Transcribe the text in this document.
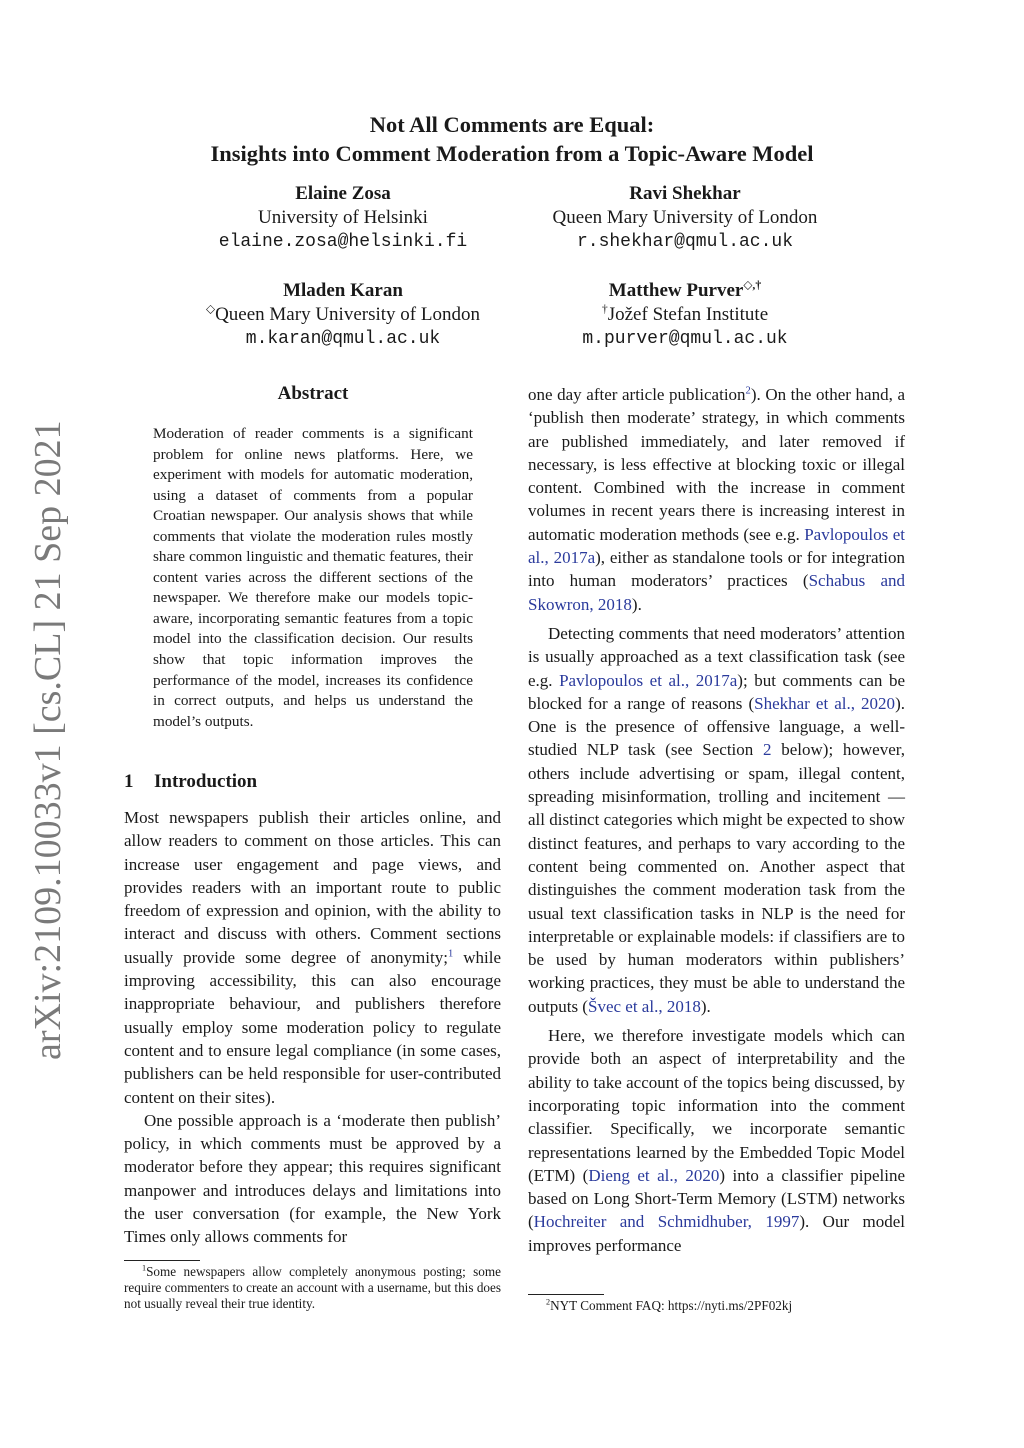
arXiv:2109.10033v1 [cs.CL] 21 Sep 2021
Not All Comments are Equal:
Insights into Comment Moderation from a Topic-Aware Model
Elaine Zosa
University of Helsinki
elaine.zosa@helsinki.fi
Ravi Shekhar
Queen Mary University of London
r.shekhar@qmul.ac.uk
Mladen Karan
◇Queen Mary University of London
m.karan@qmul.ac.uk
Matthew Purver◇,†
†Jožef Stefan Institute
m.purver@qmul.ac.uk
Abstract
Moderation of reader comments is a significant problem for online news platforms. Here, we experiment with models for automatic moderation, using a dataset of comments from a popular Croatian newspaper. Our analysis shows that while comments that violate the moderation rules mostly share common linguistic and thematic features, their content varies across the different sections of the newspaper. We therefore make our models topic-aware, incorporating semantic features from a topic model into the classification decision. Our results show that topic information improves the performance of the model, increases its confidence in correct outputs, and helps us understand the model’s outputs.
1 Introduction

Most newspapers publish their articles online, and allow readers to comment on those articles. This can increase user engagement and page views, and provides readers with an important route to public freedom of expression and opinion, with the ability to interact and discuss with others. Comment sections usually provide some degree of anonymity;$^1$ while improving accessibility, this can also encourage inappropriate behaviour, and publishers therefore usually employ some moderation policy to regulate content and to ensure legal compliance (in some cases, publishers can be held responsible for user-contributed content on their sites).

One possible approach is a ‘moderate then publish’ policy, in which comments must be approved by a moderator before they appear; this requires significant manpower and introduces delays and limitations into the user conversation (for example, the New York Times only allows comments for

$^1$Some newspapers allow completely anonymous posting; some require commenters to create an account with a username, but this does not usually reveal their true identity.

one day after article publication$^2$). On the other hand, a ‘publish then moderate’ strategy, in which comments are published immediately, and later removed if necessary, is less effective at blocking toxic or illegal content. Combined with the increase in comment volumes in recent years there is increasing interest in automatic moderation methods (see e.g. Pavlopoulos et al., 2017a), either as standalone tools or for integration into human moderators’ practices (Schabus and Skowron, 2018).

Detecting comments that need moderators’ attention is usually approached as a text classification task (see e.g. Pavlopoulos et al., 2017a); but comments can be blocked for a range of reasons (Shekhar et al., 2020). One is the presence of offensive language, a well-studied NLP task (see Section 2 below); however, others include advertising or spam, illegal content, spreading misinformation, trolling and incitement — all distinct categories which might be expected to show distinct features, and perhaps to vary according to the content being commented on. Another aspect that distinguishes the comment moderation task from the usual text classification tasks in NLP is the need for interpretable or explainable models: if classifiers are to be used by human moderators within publishers’ working practices, they must be able to understand the outputs (Švec et al., 2018).

Here, we therefore investigate models which can provide both an aspect of interpretability and the ability to take account of the topics being discussed, by incorporating topic information into the comment classifier. Specifically, we incorporate semantic representations learned by the Embedded Topic Model (ETM) (Dieng et al., 2020) into a classifier pipeline based on Long Short-Term Memory (LSTM) networks (Hochreiter and Schmidhuber, 1997). Our model improves performance

$^2$NYT Comment FAQ: https://nyti.ms/2PF02kj
